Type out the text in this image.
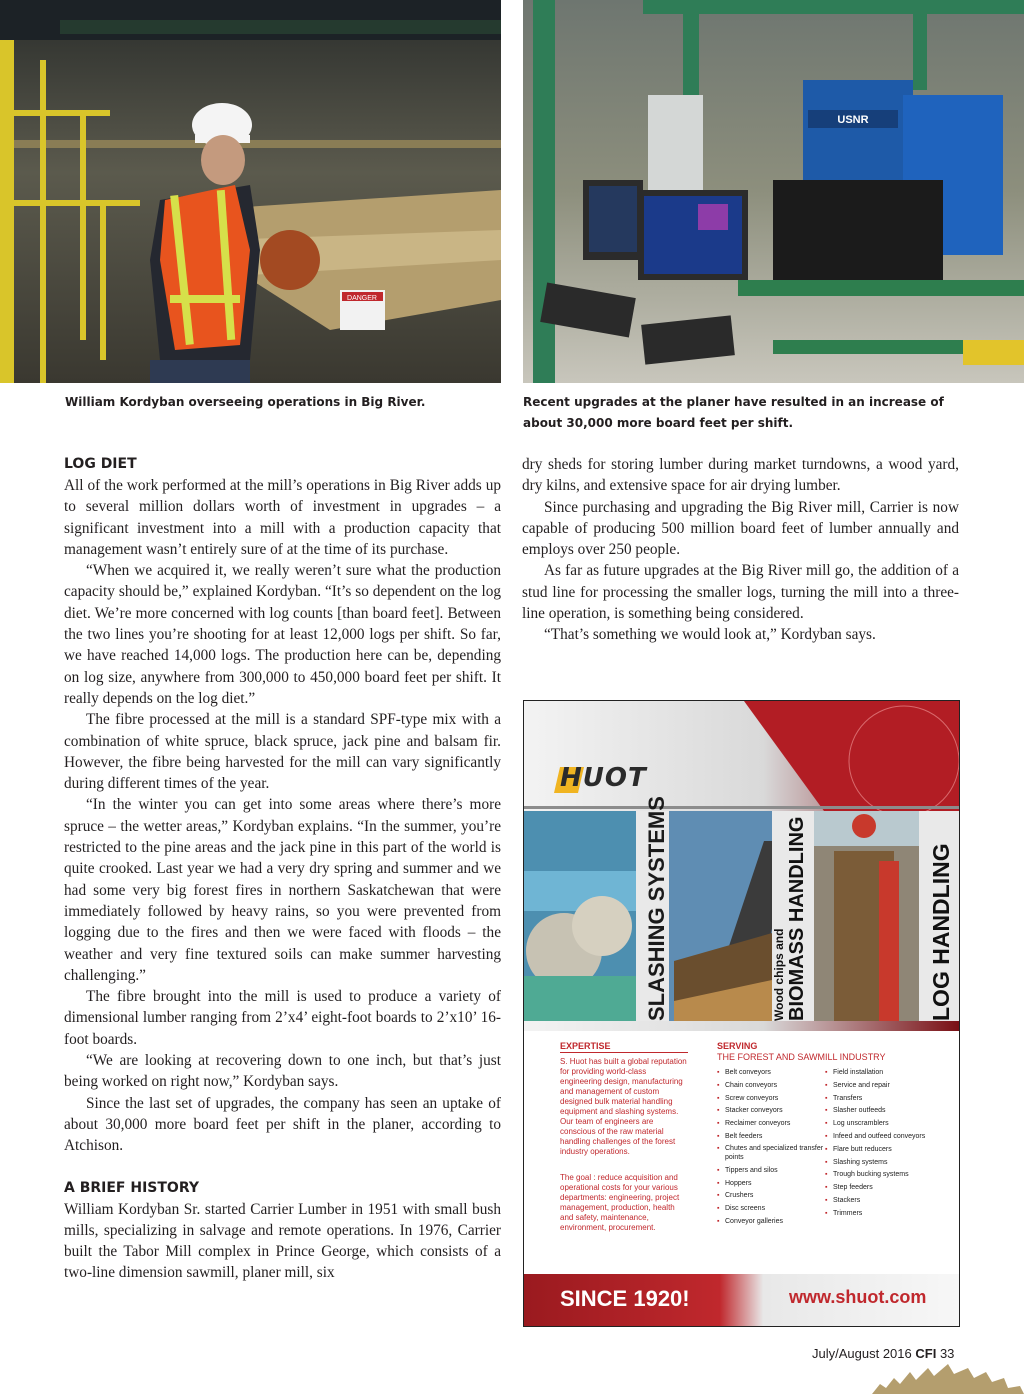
DANGER
USNR
William Kordyban overseeing operations in Big River.	Recent upgrades at the planer have resulted in an increase of about 30,000 more board feet per shift.
LOG DIET

All of the work performed at the mill’s operations in Big River adds up to several million dollars worth of investment in upgrades – a significant investment into a mill with a production capacity that management wasn’t entirely sure of at the time of its purchase.

“When we acquired it, we really weren’t sure what the production capacity should be,” explained Kordyban. “It’s so dependent on the log diet. We’re more concerned with log counts [than board feet]. Between the two lines you’re shooting for at least 12,000 logs per shift. So far, we have reached 14,000 logs. The production here can be, depending on log size, anywhere from 300,000 to 450,000 board feet per shift. It really depends on the log diet.”

The fibre processed at the mill is a standard SPF-type mix with a combination of white spruce, black spruce, jack pine and balsam fir. However, the fibre being harvested for the mill can vary significantly during different times of the year.

“In the winter you can get into some areas where there’s more spruce – the wetter areas,” Kordyban explains. “In the summer, you’re restricted to the pine areas and the jack pine in this part of the world is quite crooked. Last year we had a very dry spring and summer and we had some very big forest fires in northern Saskatchewan that were immediately followed by heavy rains, so you were prevented from logging due to the fires and then we were faced with floods – the weather and very fine textured soils can make summer harvesting challenging.”

The fibre brought into the mill is used to produce a variety of dimensional lumber ranging from 2’x4’ eight-foot boards to 2’x10’ 16-foot boards.

“We are looking at recovering down to one inch, but that’s just being worked on right now,” Kordyban says.

Since the last set of upgrades, the company has seen an uptake of about 30,000 more board feet per shift in the planer, according to Atchison.

A BRIEF HISTORY

William Kordyban Sr. started Carrier Lumber in 1951 with small bush mills, specializing in salvage and remote operations. In 1976, Carrier built the Tabor Mill complex in Prince George, which consists of a two-line dimension sawmill, planer mill, six

dry sheds for storing lumber during market turndowns, a wood yard, dry kilns, and extensive space for air drying lumber.

Since purchasing and upgrading the Big River mill, Carrier is now capable of producing 500 million board feet of lumber annually and employs over 250 people.

As far as future upgrades at the Big River mill go, the addition of a stud line for processing the smaller logs, turning the mill into a three-line operation, is something being considered.

“That’s something we would look at,” Kordyban says.

HUOT
SLASHING SYSTEMS	Wood chips and BIOMASS HANDLING	LOG HANDLING
EXPERTISE
S. Huot has built a global reputation for providing world-class engineering design, manufacturing and management of custom designed bulk material handling equipment and slashing systems. Our team of engineers are conscious of the raw material handling challenges of the forest industry operations.
The goal : reduce acquisition and operational costs for your various departments: engineering, project management, production, health and safety, maintenance, environment, procurement.
SERVING
THE FOREST AND SAWMILL INDUSTRY
▪ Belt conveyors
▪ Chain conveyors
▪ Screw conveyors
▪ Stacker conveyors
▪ Reclaimer conveyors
▪ Belt feeders
▪ Chutes and specialized transfer points
▪ Tippers and silos
▪ Hoppers
▪ Crushers
▪ Disc screens
▪ Conveyor galleries
▪ Field installation
▪ Service and repair
▪ Transfers
▪ Slasher outfeeds
▪ Log unscramblers
▪ Infeed and outfeed conveyors
▪ Flare butt reducers
▪ Slashing systems
▪ Trough bucking systems
▪ Step feeders
▪ Stackers
▪ Trimmers
SINCE 1920!	www.shuot.com
July/August 2016 CFI 33
